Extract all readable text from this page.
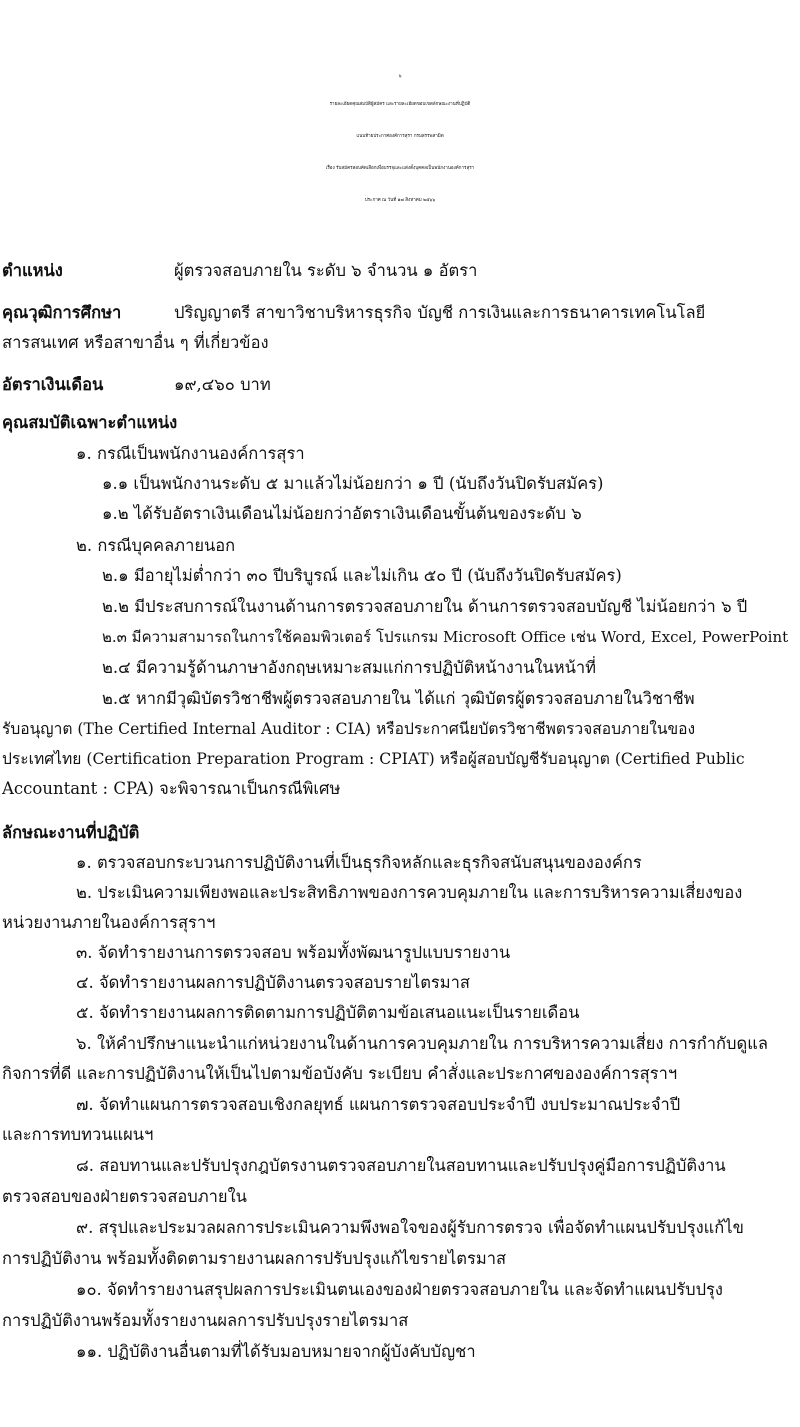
๖
รายละเอียดคุณสมบัติผู้สมัคร และรายละเอียดขอบเขตลักษณะงานที่ปฏิบัติ
แนบท้ายประกาศองค์การสุรา กรมสรรพสามิต
เรื่อง รับสมัครสอบคัดเลือกเพื่อบรรจุและแต่งตั้งบุคคลเป็นพนักงานองค์การสุรา
ประกาศ ณ วันที่ ๑๗ สิงหาคม ๒๕๖๖
ตำแหน่ง	ผู้ตรวจสอบภายใน ระดับ ๖ จำนวน ๑ อัตรา
คุณวุฒิการศึกษา	ปริญญาตรี สาขาวิชาบริหารธุรกิจ บัญชี การเงินและการธนาคารเทคโนโลยี
สารสนเทศ หรือสาขาอื่น ๆ ที่เกี่ยวข้อง
อัตราเงินเดือน	๑๙,๔๖๐ บาท
คุณสมบัติเฉพาะตำแหน่ง
๑. กรณีเป็นพนักงานองค์การสุรา
๑.๑ เป็นพนักงานระดับ ๕ มาแล้วไม่น้อยกว่า ๑ ปี (นับถึงวันปิดรับสมัคร)
๑.๒ ได้รับอัตราเงินเดือนไม่น้อยกว่าอัตราเงินเดือนขั้นต้นของระดับ ๖
๒. กรณีบุคคลภายนอก
๒.๑ มีอายุไม่ต่ำกว่า ๓๐ ปีบริบูรณ์ และไม่เกิน ๕๐ ปี (นับถึงวันปิดรับสมัคร)
๒.๒ มีประสบการณ์ในงานด้านการตรวจสอบภายใน ด้านการตรวจสอบบัญชี ไม่น้อยกว่า ๖ ปี
๒.๓ มีความสามารถในการใช้คอมพิวเตอร์ โปรแกรม Microsoft Office เช่น Word, Excel, PowerPoint
๒.๔ มีความรู้ด้านภาษาอังกฤษเหมาะสมแก่การปฏิบัติหน้างานในหน้าที่
๒.๕ หากมีวุฒิบัตรวิชาชีพผู้ตรวจสอบภายใน ได้แก่ วุฒิบัตรผู้ตรวจสอบภายในวิชาชีพ
รับอนุญาต (The Certified Internal Auditor : CIA) หรือประกาศนียบัตรวิชาชีพตรวจสอบภายในของ
ประเทศไทย (Certification Preparation Program : CPIAT) หรือผู้สอบบัญชีรับอนุญาต (Certified Public
Accountant : CPA) จะพิจารณาเป็นกรณีพิเศษ
ลักษณะงานที่ปฏิบัติ
๑. ตรวจสอบกระบวนการปฏิบัติงานที่เป็นธุรกิจหลักและธุรกิจสนับสนุนขององค์กร
๒. ประเมินความเพียงพอและประสิทธิภาพของการควบคุมภายใน และการบริหารความเสี่ยงของ
หน่วยงานภายในองค์การสุราฯ
๓. จัดทำรายงานการตรวจสอบ พร้อมทั้งพัฒนารูปแบบรายงาน
๔. จัดทำรายงานผลการปฏิบัติงานตรวจสอบรายไตรมาส
๕. จัดทำรายงานผลการติดตามการปฏิบัติตามข้อเสนอแนะเป็นรายเดือน
๖. ให้คำปรึกษาแนะนำแก่หน่วยงานในด้านการควบคุมภายใน การบริหารความเสี่ยง การกำกับดูแล
กิจการที่ดี และการปฏิบัติงานให้เป็นไปตามข้อบังคับ ระเบียบ คำสั่งและประกาศขององค์การสุราฯ
๗. จัดทำแผนการตรวจสอบเชิงกลยุทธ์ แผนการตรวจสอบประจำปี งบประมาณประจำปี
และการทบทวนแผนฯ
๘. สอบทานและปรับปรุงกฎบัตรงานตรวจสอบภายในสอบทานและปรับปรุงคู่มือการปฏิบัติงาน
ตรวจสอบของฝ่ายตรวจสอบภายใน
๙. สรุปและประมวลผลการประเมินความพึงพอใจของผู้รับการตรวจ เพื่อจัดทำแผนปรับปรุงแก้ไข
การปฏิบัติงาน พร้อมทั้งติดตามรายงานผลการปรับปรุงแก้ไขรายไตรมาส
๑๐. จัดทำรายงานสรุปผลการประเมินตนเองของฝ่ายตรวจสอบภายใน และจัดทำแผนปรับปรุง
การปฏิบัติงานพร้อมทั้งรายงานผลการปรับปรุงรายไตรมาส
๑๑. ปฏิบัติงานอื่นตามที่ได้รับมอบหมายจากผู้บังคับบัญชา
